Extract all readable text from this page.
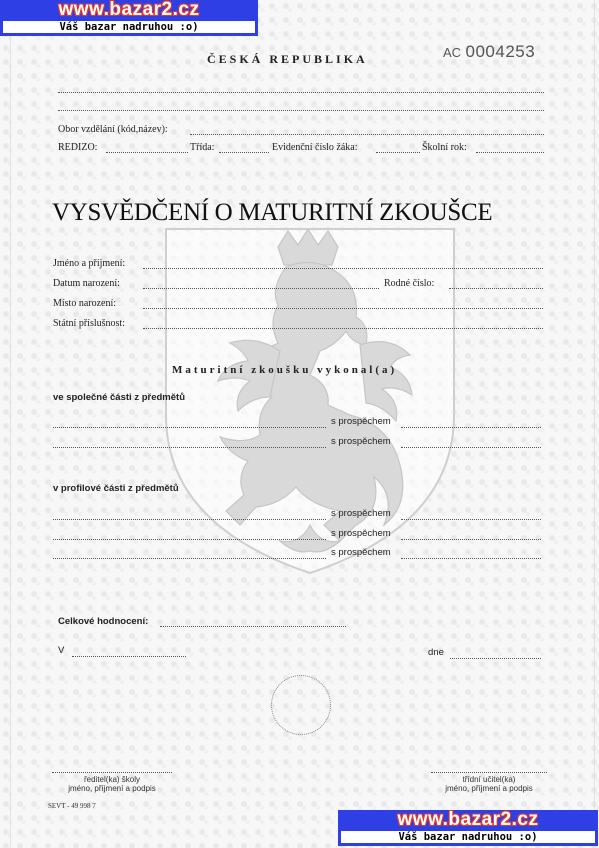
www.bazar2.cz
Váš bazar nadruhou :o)
ČESKÁ REPUBLIKA	AC 0004253
Obor vzdělání (kód,název):
REDIZO:	Třída:	Evidenční číslo žáka:	Školní rok:
VYSVĚDČENÍ O MATURITNÍ ZKOUŠCE
Jméno a příjmení:
Datum narození:	Rodné číslo:
Místo narození:
Státní příslušnost:
Maturitní zkoušku vykonal(a)
ve společné části z předmětů
s prospěchem
s prospěchem
v profilové části z předmětů
s prospěchem
s prospěchem
s prospěchem
Celkové hodnocení:
V	dne
ředitel(ka) školy
jméno, příjmení a podpis
třídní učitel(ka)
jméno, příjmení a podpis
SEVT - 49 998 7
www.bazar2.cz
Váš bazar nadruhou :o)
